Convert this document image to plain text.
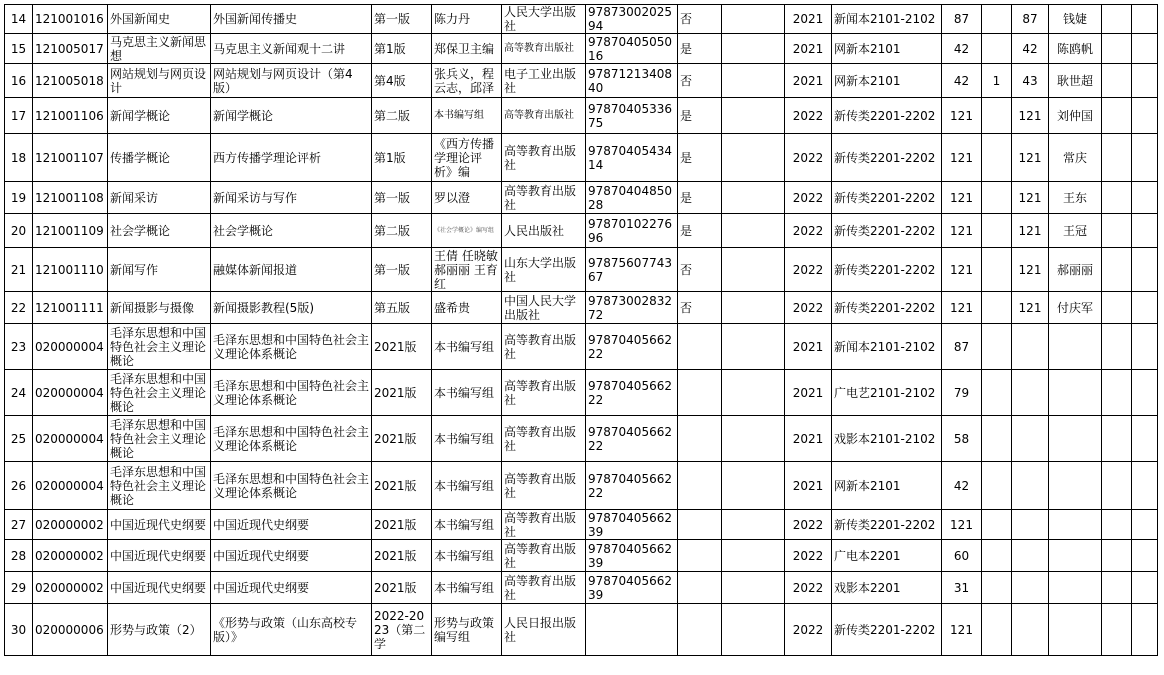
14	121001016	外国新闻史	外国新闻传播史	第一版	陈力丹	人民大学出版社	9787300202594	否		2021	新闻本2101-2102	87		87	钱婕		
15	121005017	马克思主义新闻思想	马克思主义新闻观十二讲	第1版	郑保卫主编	高等教育出版社	9787040505016	是		2021	网新本2101	42		42	陈鸥帆		
16	121005018	网站规划与网页设计	网站规划与网页设计（第4版）	第4版	张兵义，程云志，邱泽	电子工业出版社	9787121340840	否		2021	网新本2101	42	1	43	耿世超		
17	121001106	新闻学概论	新闻学概论	第二版	本书编写组	高等教育出版社	9787040533675	是		2022	新传类2201-2202	121		121	刘仲国		
18	121001107	传播学概论	西方传播学理论评析	第1版	《西方传播学理论评析》编	高等教育出版社	9787040543414	是		2022	新传类2201-2202	121		121	常庆		
19	121001108	新闻采访	新闻采访与写作	第一版	罗以澄	高等教育出版社	9787040485028	是		2022	新传类2201-2202	121		121	王东		
20	121001109	社会学概论	社会学概论	第二版	《社会学概论》编写组	人民出版社	9787010227696	是		2022	新传类2201-2202	121		121	王冠		
21	121001110	新闻写作	融媒体新闻报道	第一版	王倩 任晓敏 郝丽丽 王育红	山东大学出版社	9787560774367	否		2022	新传类2201-2202	121		121	郝丽丽		
22	121001111	新闻摄影与摄像	新闻摄影教程(5版)	第五版	盛希贵	中国人民大学出版社	9787300283272	否		2022	新传类2201-2202	121		121	付庆军		
23	020000004	毛泽东思想和中国特色社会主义理论概论	毛泽东思想和中国特色社会主义理论体系概论	2021版	本书编写组	高等教育出版社	9787040566222			2021	新闻本2101-2102	87					
24	020000004	毛泽东思想和中国特色社会主义理论概论	毛泽东思想和中国特色社会主义理论体系概论	2021版	本书编写组	高等教育出版社	9787040566222			2021	广电艺2101-2102	79					
25	020000004	毛泽东思想和中国特色社会主义理论概论	毛泽东思想和中国特色社会主义理论体系概论	2021版	本书编写组	高等教育出版社	9787040566222			2021	戏影本2101-2102	58					
26	020000004	毛泽东思想和中国特色社会主义理论概论	毛泽东思想和中国特色社会主义理论体系概论	2021版	本书编写组	高等教育出版社	9787040566222			2021	网新本2101	42					
27	020000002	中国近现代史纲要	中国近现代史纲要	2021版	本书编写组	高等教育出版社	9787040566239			2022	新传类2201-2202	121					
28	020000002	中国近现代史纲要	中国近现代史纲要	2021版	本书编写组	高等教育出版社	9787040566239			2022	广电本2201	60					
29	020000002	中国近现代史纲要	中国近现代史纲要	2021版	本书编写组	高等教育出版社	9787040566239			2022	戏影本2201	31					
30	020000006	形势与政策（2）	《形势与政策（山东高校专版）》	2022-2023（第二学	形势与政策编写组	人民日报出版社				2022	新传类2201-2202	121					
